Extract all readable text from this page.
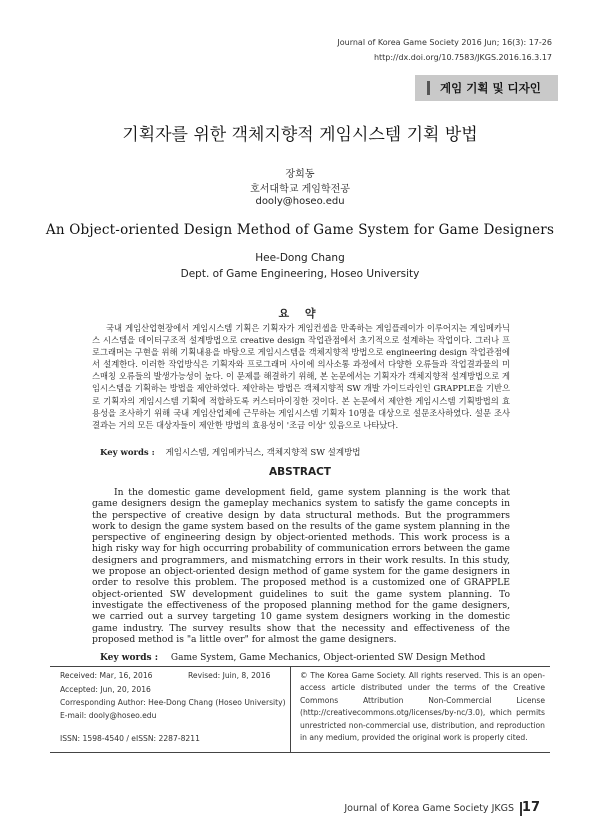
Journal of Korea Game Society 2016 Jun; 16(3): 17-26
http://dx.doi.org/10.7583/JKGS.2016.16.3.17
게임 기획 및 디자인
기획자를 위한 객체지향적 게임시스템 기획 방법
장희동
호서대학교 게임학전공
dooly@hoseo.edu
An Object-oriented Design Method of Game System for Game Designers
Hee-Dong Chang
Dept. of Game Engineering, Hoseo University
요 약
국내 게임산업현장에서 게임시스템 기획은 기획자가 게임컨셉을 만족하는 게임플레이가 이루어지는 게임메카닉스 시스템을 데이터구조적 설계방법으로 creative design 작업관점에서 초기적으로 설계하는 작업이다. 그러나 프로그래머는 구현을 위해 기획내용을 바탕으로 게임시스템을 객체지향적 방법으로 engineering design 작업관점에서 설계한다. 이러한 작업방식은 기획자와 프로그래머 사이에 의사소통 과정에서 다양한 오류들과 작업결과물의 미스매칭 오류들의 발생가능성이 높다. 이 문제를 해결하기 위해, 본 논문에서는 기획자가 객체지향적 설계방법으로 게임시스템을 기획하는 방법을 제안하였다. 제안하는 방법은 객체지향적 SW 개발 가이드라인인 GRAPPLE을 기반으로 기획자의 게임시스템 기획에 적합하도록 커스터마이징한 것이다. 본 논문에서 제안한 게임시스템 기획방법의 효용성을 조사하기 위해 국내 게임산업체에 근무하는 게임시스템 기획자 10명을 대상으로 설문조사하였다. 설문 조사결과는 거의 모든 대상자들이 제안한 방법의 효용성이 '조금 이상' 있음으로 나타났다.
Key words : 게임시스템, 게임메카닉스, 객체지향적 SW 설계방법
ABSTRACT
In the domestic game development field, game system planning is the work that game designers design the gameplay mechanics system to satisfy the game concepts in the perspective of creative design by data structural methods. But the programmers work to design the game system based on the results of the game system planning in the perspective of engineering design by object-oriented methods. This work process is a high risky way for high occurring probability of communication errors between the game designers and programmers, and mismatching errors in their work results. In this study, we propose an object-oriented design method of game system for the game designers in order to resolve this problem. The proposed method is a customized one of GRAPPLE object-oriented SW development guidelines to suit the game system planning. To investigate the effectiveness of the proposed planning method for the game designers, we carried out a survey targeting 10 game system designers working in the domestic game industry. The survey results show that the necessity and effectiveness of the proposed method is "a little over" for almost the game designers.
Key words : Game System, Game Mechanics, Object-oriented SW Design Method
Received: Mar, 16, 2016	Revised: Juin, 8, 2016
Accepted: Jun, 20, 2016
Corresponding Author: Hee-Dong Chang (Hoseo University)
E-mail: dooly@hoseo.edu
ISSN: 1598-4540 / eISSN: 2287-8211
© The Korea Game Society. All rights reserved. This is an open-access article distributed under the terms of the Creative Commons Attribution Non-Commercial License (http://creativecommons.otg/licenses/by-nc/3.0), which permits unrestricted non-commercial use, distribution, and reproduction in any medium, provided the original work is properly cited.
Journal of Korea Game Society JKGS 17
